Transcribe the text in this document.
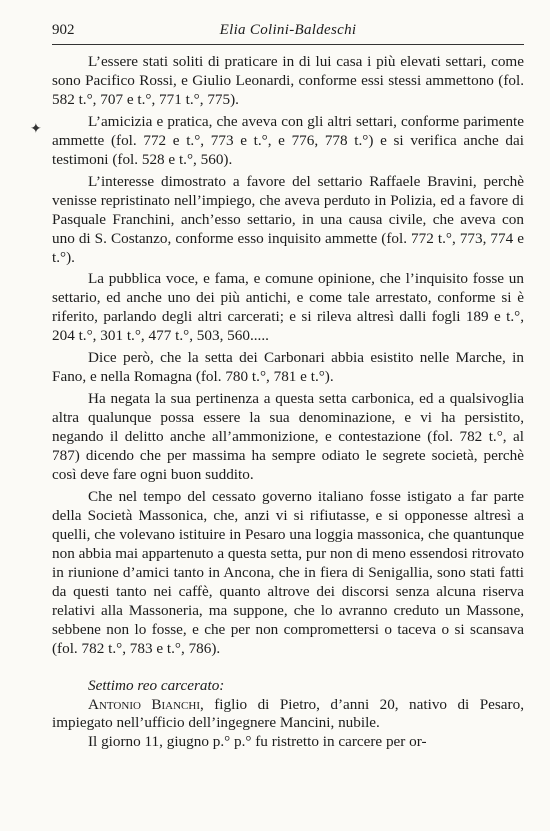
902	Elia Colini-Baldeschi
✦

L’essere stati soliti di praticare in di lui casa i più elevati settari, come sono Pacifico Rossi, e Giulio Leonardi, conforme essi stessi ammettono (fol. 582 t.°, 707 e t.°, 771 t.°, 775).

L’amicizia e pratica, che aveva con gli altri settari, conforme parimente ammette (fol. 772 e t.°, 773 e t.°, e 776, 778 t.°) e si verifica anche dai testimoni (fol. 528 e t.°, 560).

L’interesse dimostrato a favore del settario Raffaele Bravini, perchè venisse repristinato nell’impiego, che aveva perduto in Polizia, ed a favore di Pasquale Franchini, anch’esso settario, in una causa civile, che aveva con uno di S. Costanzo, conforme esso inquisito ammette (fol. 772 t.°, 773, 774 e t.°).

La pubblica voce, e fama, e comune opinione, che l’inquisito fosse un settario, ed anche uno dei più antichi, e come tale arrestato, conforme si è riferito, parlando degli altri carcerati; e si rileva altresì dalli fogli 189 e t.°, 204 t.°, 301 t.°, 477 t.°, 503, 560.....

Dice però, che la setta dei Carbonari abbia esistito nelle Marche, in Fano, e nella Romagna (fol. 780 t.°, 781 e t.°).

Ha negata la sua pertinenza a questa setta carbonica, ed a qualsivoglia altra qualunque possa essere la sua denominazione, e vi ha persistito, negando il delitto anche all’ammonizione, e contestazione (fol. 782 t.°, al 787) dicendo che per massima ha sempre odiato le segrete società, perchè così deve fare ogni buon suddito.

Che nel tempo del cessato governo italiano fosse istigato a far parte della Società Massonica, che, anzi vi si rifiutasse, e si opponesse altresì a quelli, che volevano istituire in Pesaro una loggia massonica, che quantunque non abbia mai appartenuto a questa setta, pur non di meno essendosi ritrovato in riunione d’amici tanto in Ancona, che in fiera di Senigallia, sono stati fatti da questi tanto nei caffè, quanto altrove dei discorsi senza alcuna riserva relativi alla Massoneria, ma suppone, che lo avranno creduto un Massone, sebbene non lo fosse, e che per non compromettersi o taceva o si scansava (fol. 782 t.°, 783 e t.°, 786).

Settimo reo carcerato:

Antonio Bianchi, figlio di Pietro, d’anni 20, nativo di Pesaro, impiegato nell’ufficio dell’ingegnere Mancini, nubile.

Il giorno 11, giugno p.° p.° fu ristretto in carcere per or-
